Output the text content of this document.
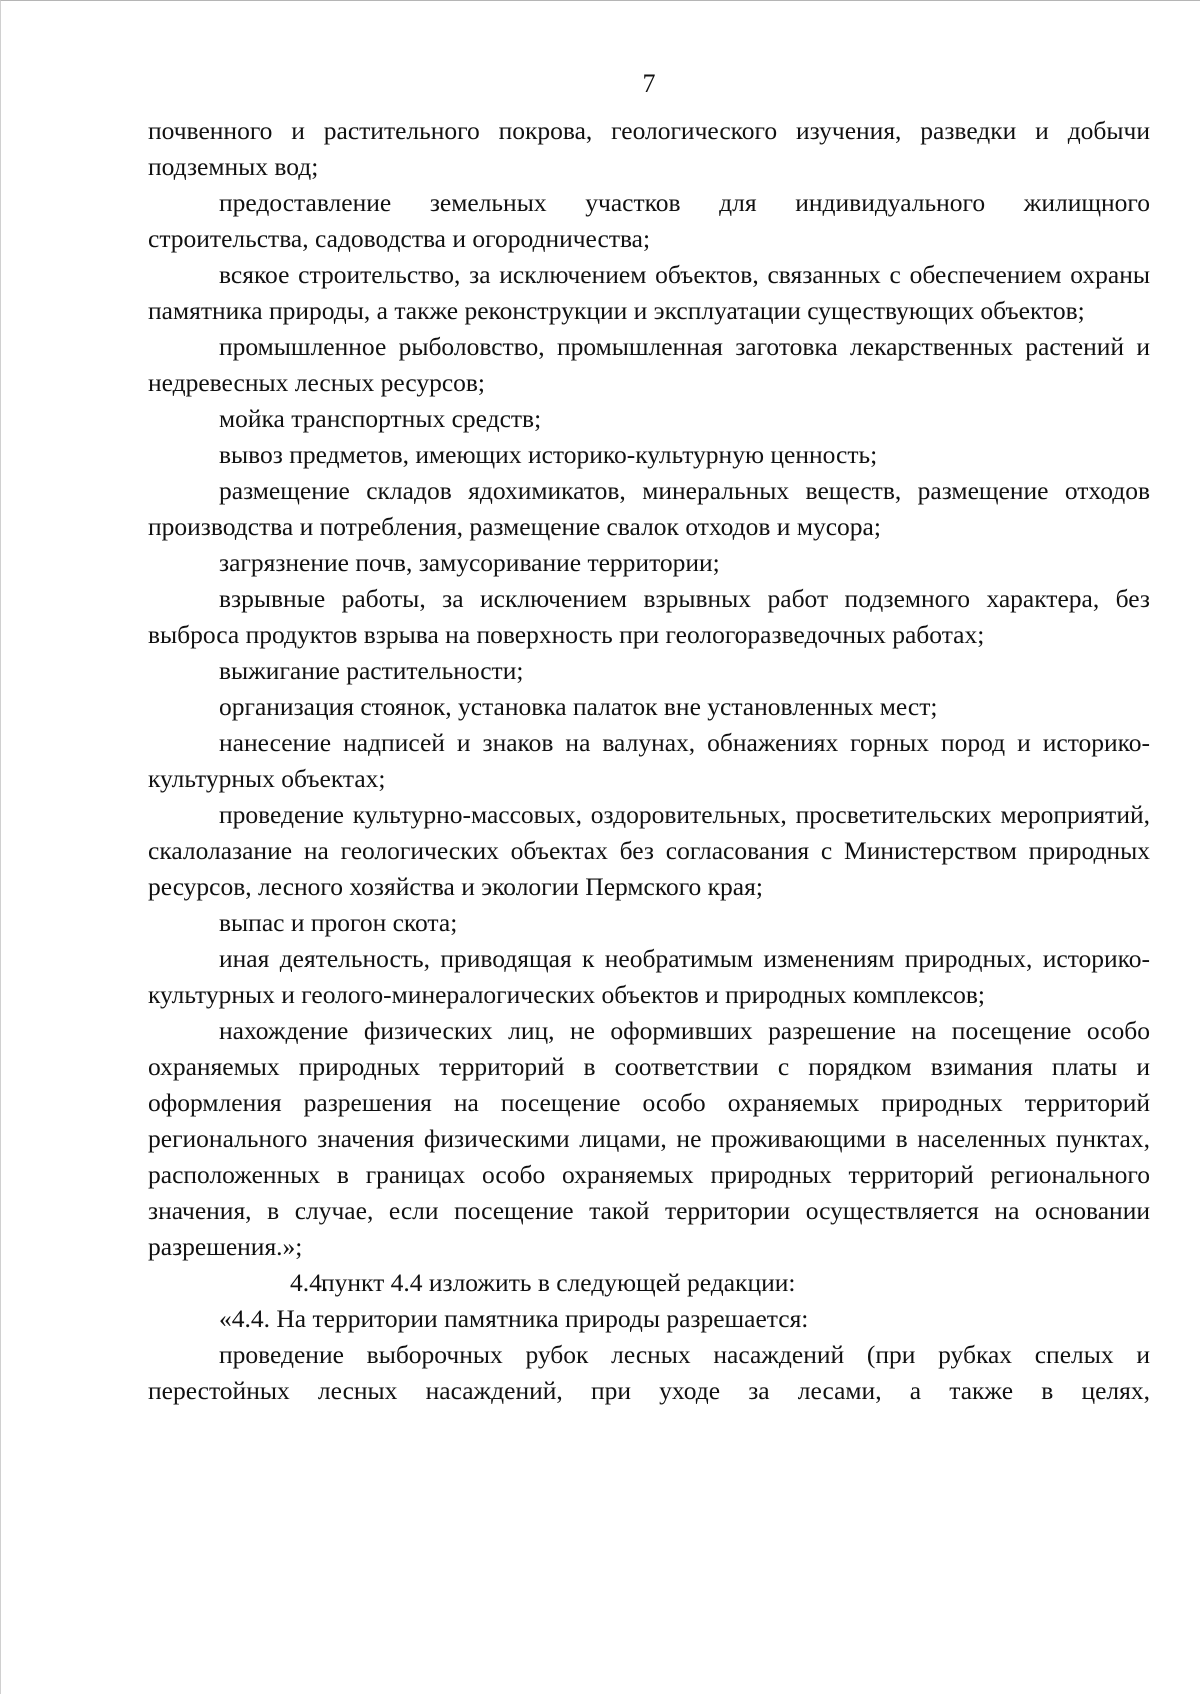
7

почвенного и растительного покрова, геологического изучения, разведки и добычи подземных вод;

предоставление земельных участков для индивидуального жилищного строительства, садоводства и огородничества;

всякое строительство, за исключением объектов, связанных с обеспечением охраны памятника природы, а также реконструкции и эксплуатации существующих объектов;

промышленное рыболовство, промышленная заготовка лекарственных растений и недревесных лесных ресурсов;

мойка транспортных средств;

вывоз предметов, имеющих историко-культурную ценность;

размещение складов ядохимикатов, минеральных веществ, размещение отходов производства и потребления, размещение свалок отходов и мусора;

загрязнение почв, замусоривание территории;

взрывные работы, за исключением взрывных работ подземного характера, без выброса продуктов взрыва на поверхность при геологоразведочных работах;

выжигание растительности;

организация стоянок, установка палаток вне установленных мест;

нанесение надписей и знаков на валунах, обнажениях горных пород и историко-культурных объектах;

проведение культурно-массовых, оздоровительных, просветительских мероприятий, скалолазание на геологических объектах без согласования с Министерством природных ресурсов, лесного хозяйства и экологии Пермского края;

выпас и прогон скота;

иная деятельность, приводящая к необратимым изменениям природных, историко-культурных и геолого-минералогических объектов и природных комплексов;

нахождение физических лиц, не оформивших разрешение на посещение особо охраняемых природных территорий в соответствии с порядком взимания платы и оформления разрешения на посещение особо охраняемых природных территорий регионального значения физическими лицами, не проживающими в населенных пунктах, расположенных в границах особо охраняемых природных территорий регионального значения, в случае, если посещение такой территории осуществляется на основании разрешения.»;

4.4.пункт 4.4 изложить в следующей редакции:

«4.4. На территории памятника природы разрешается:

проведение выборочных рубок лесных насаждений (при рубках спелых и перестойных лесных насаждений, при уходе за лесами, а также в целях,
